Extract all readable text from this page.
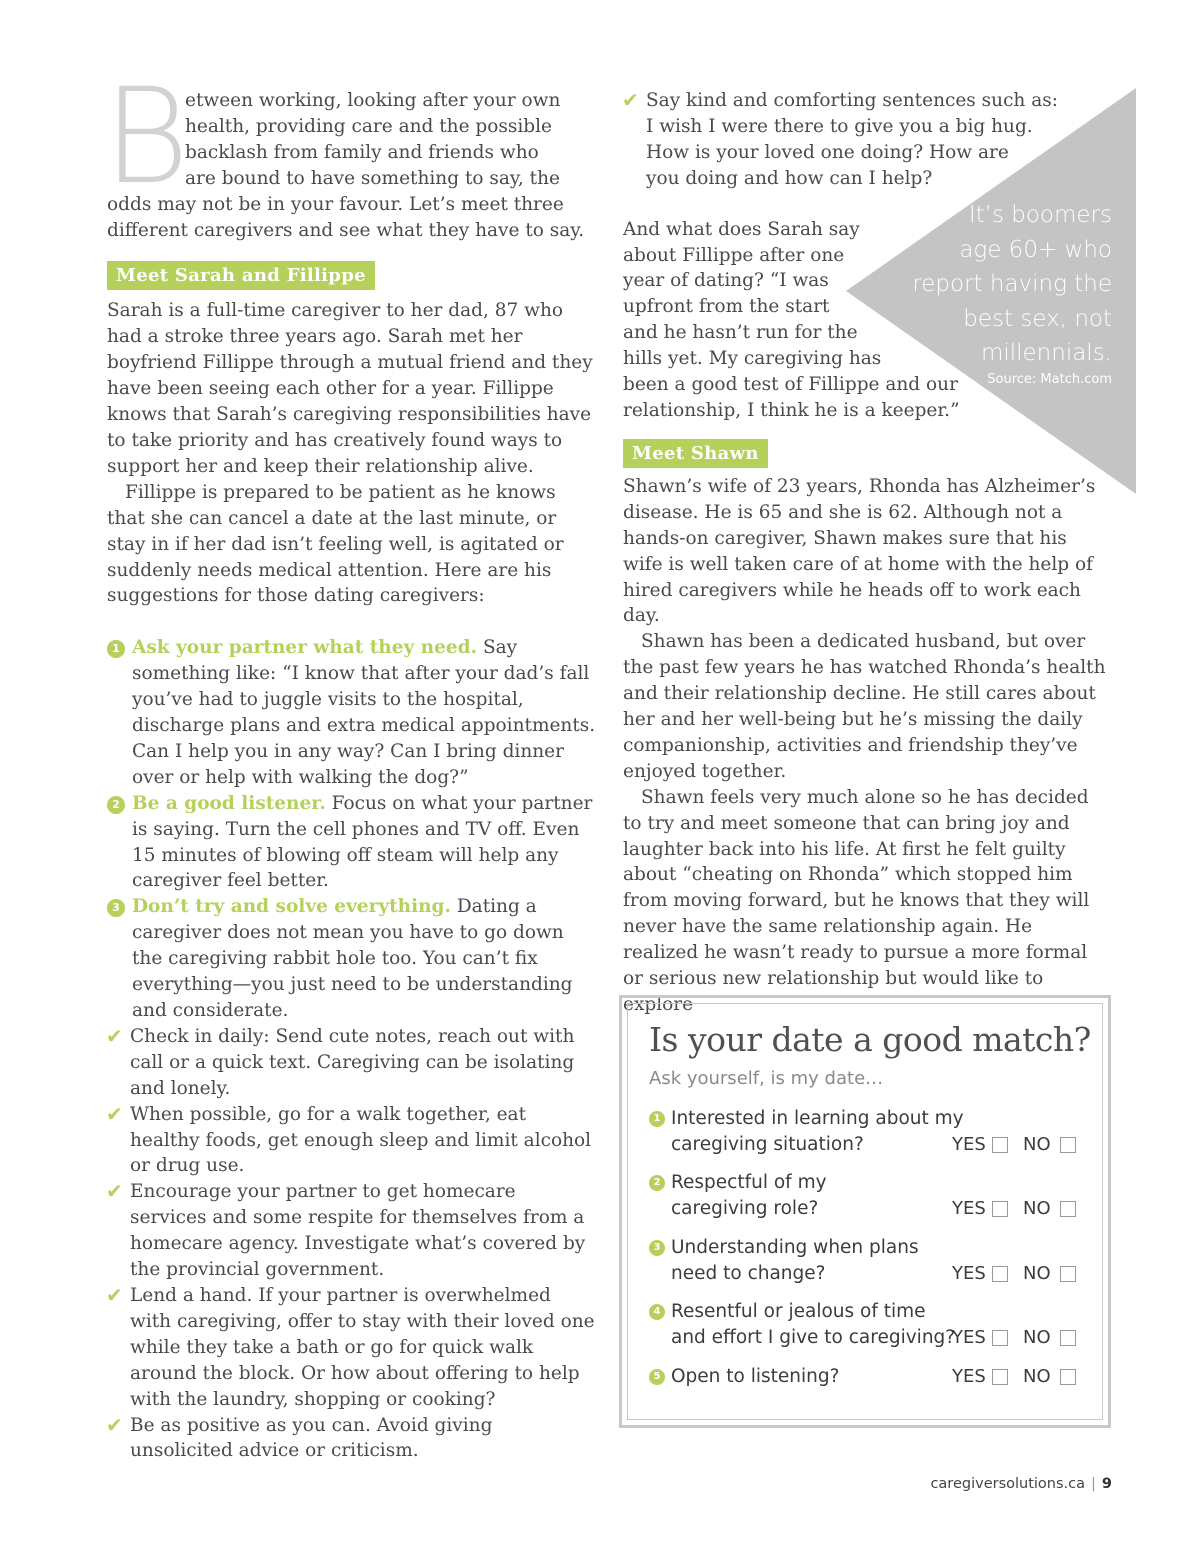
B

etween working, looking after your own

health, providing care and the possible

backlash from family and friends who

are bound to have something to say, the

odds may not be in your favour. Let’s meet three different caregivers and see what they have to say.

Meet Sarah and Fillippe

Sarah is a full-time caregiver to her dad, 87 who had a stroke three years ago. Sarah met her boyfriend Fillippe through a mutual friend and they have been seeing each other for a year. Fillippe knows that Sarah’s caregiving responsibilities have to take priority and has creatively found ways to support her and keep their relationship alive.

Fillippe is prepared to be patient as he knows that she can cancel a date at the last minute, or stay in if her dad isn’t feeling well, is agitated or suddenly needs medical attention. Here are his suggestions for those dating caregivers:

1 Ask your partner what they need. Say something like: “I know that after your dad’s fall you’ve had to juggle visits to the hospital, discharge plans and extra medical appointments. Can I help you in any way? Can I bring dinner over or help with walking the dog?”
2 Be a good listener. Focus on what your partner is saying. Turn the cell phones and TV off. Even 15 minutes of blowing off steam will help any caregiver feel better.
3 Don’t try and solve everything. Dating a caregiver does not mean you have to go down the caregiving rabbit hole too. You can’t fix everything—you just need to be understanding and considerate.
✔ Check in daily: Send cute notes, reach out with call or a quick text. Caregiving can be isolating and lonely.
✔ When possible, go for a walk together, eat healthy foods, get enough sleep and limit alcohol or drug use.
✔ Encourage your partner to get homecare services and some respite for themselves from a homecare agency. Investigate what’s covered by the provincial government.
✔ Lend a hand. If your partner is overwhelmed with caregiving, offer to stay with their loved one while they take a bath or go for quick walk around the block. Or how about offering to help with the laundry, shopping or cooking?
✔ Be as positive as you can. Avoid giving unsolicited advice or criticism.
It’s boomers
age 60+ who
report having the
best sex, not
millennials.
Source: Match.com
✔ Say kind and comforting sentences such as:

I wish I were there to give you a big hug.

How is your loved one doing? How are

you doing and how can I help?

And what does Sarah say

about Fillippe after one

year of dating? “I was

upfront from the start

and he hasn’t run for the

hills yet. My caregiving has

been a good test of Fillippe and our

relationship, I think he is a keeper.”

Meet Shawn

Shawn’s wife of 23 years, Rhonda has Alzheimer’s disease. He is 65 and she is 62. Although not a hands-on caregiver, Shawn makes sure that his wife is well taken care of at home with the help of hired caregivers while he heads off to work each day.

Shawn has been a dedicated husband, but over the past few years he has watched Rhonda’s health and their relationship decline. He still cares about her and her well-being but he’s missing the daily companionship, activities and friendship they’ve enjoyed together.

Shawn feels very much alone so he has decided to try and meet someone that can bring joy and laughter back into his life. At first he felt guilty about “cheating on Rhonda” which stopped him from moving forward, but he knows that they will never have the same relationship again. He realized he wasn’t ready to pursue a more formal or serious new relationship but would like to explore

Is your date a good match?
Ask yourself, is my date…
1 Interested in learning about my
caregiving situation?	YES NO
2 Respectful of my
caregiving role?	YES NO
3 Understanding when plans
need to change?	YES NO
4 Resentful or jealous of time
and effort I give to caregiving?
YES NO
5 Open to listening?	YES NO
caregiversolutions.ca | 9
